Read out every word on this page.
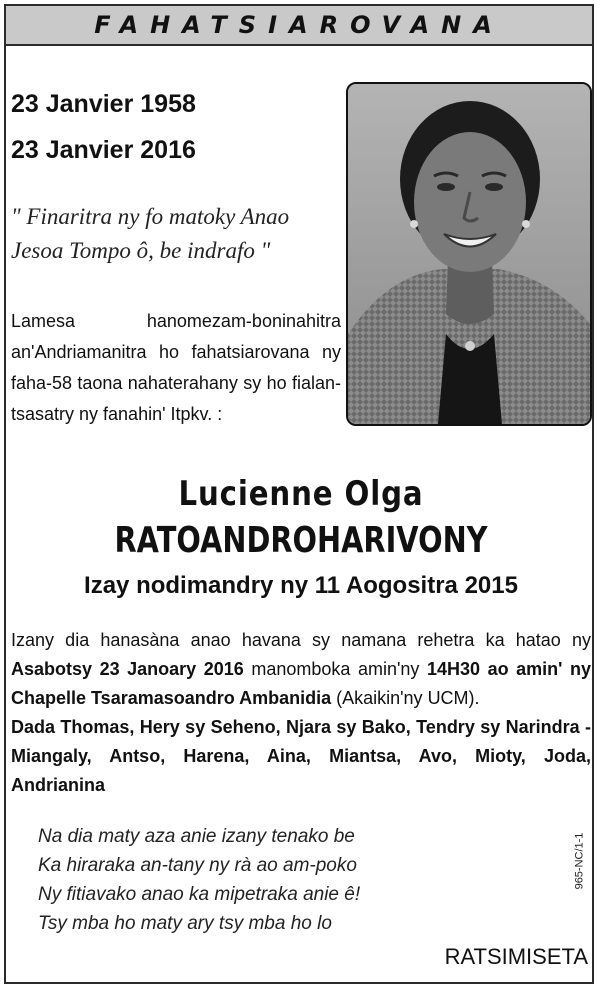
FAHATSIAROVANA
23 Janvier 1958
23 Janvier 2016
" Finaritra ny fo matoky Anao
Jesoa Tompo ô, be indrafo "
Lamesa hanomezam-boninahitra an'Andriamanitra ho fahatsiarovana ny faha-58 taona nahaterahany sy ho fialan-tsasatry ny fanahin' Itpkv. :
Lucienne Olga
RATOANDROHARIVONY
Izay nodimandry ny 11 Aogositra 2015
Izany dia hanasàna anao havana sy namana rehetra ka hatao ny Asabotsy 23 Janoary 2016 manomboka amin'ny 14H30 ao amin' ny Chapelle Tsaramasoandro Ambanidia (Akaikin'ny UCM).
Dada Thomas, Hery sy Seheno, Njara sy Bako, Tendry sy Narindra - Miangaly, Antso, Harena, Aina, Miantsa, Avo, Mioty, Joda, Andrianina
Na dia maty aza anie izany tenako be
Ka hiraraka an-tany ny rà ao am-poko
Ny fitiavako anao ka mipetraka anie ê!
Tsy mba ho maty ary tsy mba ho lo
965-NC/1-1
RATSIMISETA
